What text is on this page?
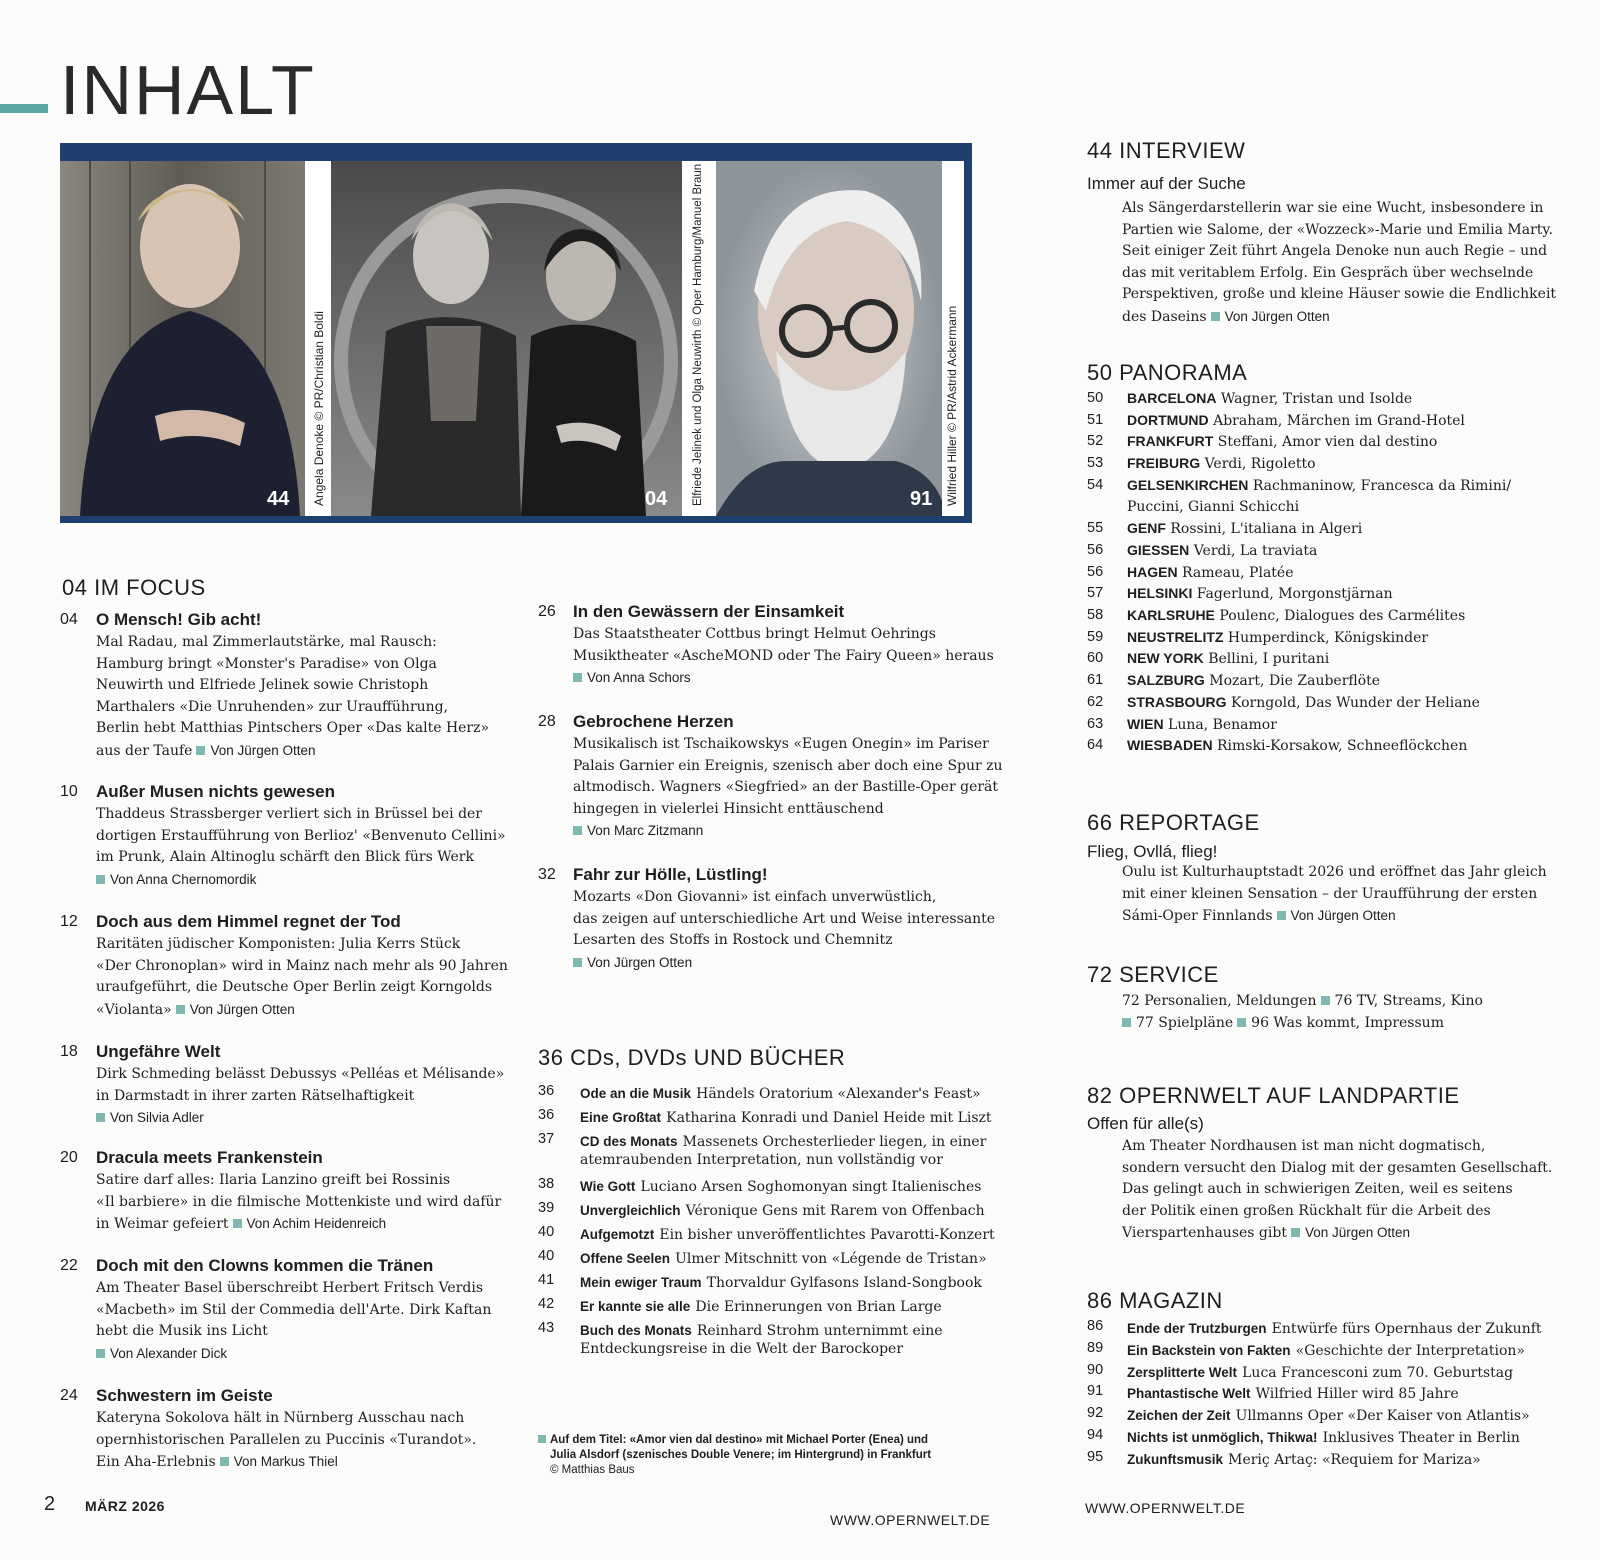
INHALT
Angela Denoke © PR/Christian Boldi
44	04 Elfriede Jelinek und Olga Neuwirth © Oper Hamburg/Manuel Braun	91 Wilfried Hiller © PR/Astrid Ackermann
04 IM FOCUS
04 O Mensch! Gib acht!
Mal Radau, mal Zimmerlautstärke, mal Rausch:
Hamburg bringt «Monster's Paradise» von Olga
Neuwirth und Elfriede Jelinek sowie Christoph
Marthalers «Die Unruhenden» zur Uraufführung,
Berlin hebt Matthias Pintschers Oper «Das kalte Herz»
aus der Taufe Von Jürgen Otten
10 Außer Musen nichts gewesen
Thaddeus Strassberger verliert sich in Brüssel bei der
dortigen Erstaufführung von Berlioz' «Benvenuto Cellini»
im Prunk, Alain Altinoglu schärft den Blick fürs Werk
Von Anna Chernomordik
12 Doch aus dem Himmel regnet der Tod
Raritäten jüdischer Komponisten: Julia Kerrs Stück
«Der Chronoplan» wird in Mainz nach mehr als 90 Jahren
uraufgeführt, die Deutsche Oper Berlin zeigt Korngolds
«Violanta» Von Jürgen Otten
18 Ungefähre Welt
Dirk Schmeding belässt Debussys «Pelléas et Mélisande»
in Darmstadt in ihrer zarten Rätselhaftigkeit
Von Silvia Adler
20 Dracula meets Frankenstein
Satire darf alles: Ilaria Lanzino greift bei Rossinis
«Il barbiere» in die filmische Mottenkiste und wird dafür
in Weimar gefeiert Von Achim Heidenreich
22 Doch mit den Clowns kommen die Tränen
Am Theater Basel überschreibt Herbert Fritsch Verdis
«Macbeth» im Stil der Commedia dell'Arte. Dirk Kaftan
hebt die Musik ins Licht
Von Alexander Dick
24 Schwestern im Geiste
Kateryna Sokolova hält in Nürnberg Ausschau nach
opernhistorischen Parallelen zu Puccinis «Turandot».
Ein Aha-Erlebnis Von Markus Thiel
26 In den Gewässern der Einsamkeit
Das Staatstheater Cottbus bringt Helmut Oehrings
Musiktheater «AscheMOND oder The Fairy Queen» heraus
Von Anna Schors
28 Gebrochene Herzen
Musikalisch ist Tschaikowskys «Eugen Onegin» im Pariser
Palais Garnier ein Ereignis, szenisch aber doch eine Spur zu
altmodisch. Wagners «Siegfried» an der Bastille-Oper gerät
hingegen in vielerlei Hinsicht enttäuschend
Von Marc Zitzmann
32 Fahr zur Hölle, Lüstling!
Mozarts «Don Giovanni» ist einfach unverwüstlich,
das zeigen auf unterschiedliche Art und Weise interessante
Lesarten des Stoffs in Rostock und Chemnitz
Von Jürgen Otten
36 CDs, DVDs UND BÜCHER
36 Ode an die Musik Händels Oratorium «Alexander's Feast»
36 Eine Großtat Katharina Konradi und Daniel Heide mit Liszt
37 CD des Monats Massenets Orchesterlieder liegen, in einer
atemraubenden Interpretation, nun vollständig vor
38 Wie Gott Luciano Arsen Soghomonyan singt Italienisches
39 Unvergleichlich Véronique Gens mit Rarem von Offenbach
40 Aufgemotzt Ein bisher unveröffentlichtes Pavarotti-Konzert
40 Offene Seelen Ulmer Mitschnitt von «Légende de Tristan»
41 Mein ewiger Traum Thorvaldur Gylfasons Island-Songbook
42 Er kannte sie alle Die Erinnerungen von Brian Large
43 Buch des Monats Reinhard Strohm unternimmt eine
Entdeckungsreise in die Welt der Barockoper
Auf dem Titel: «Amor vien dal destino» mit Michael Porter (Enea) und
Julia Alsdorf (szenisches Double Venere; im Hintergrund) in Frankfurt
© Matthias Baus
44 INTERVIEW
Immer auf der Suche
Als Sängerdarstellerin war sie eine Wucht, insbesondere in
Partien wie Salome, der «Wozzeck»-Marie und Emilia Marty.
Seit einiger Zeit führt Angela Denoke nun auch Regie – und
das mit veritablem Erfolg. Ein Gespräch über wechselnde
Perspektiven, große und kleine Häuser sowie die Endlichkeit
des Daseins Von Jürgen Otten
50 PANORAMA
50 BARCELONA Wagner, Tristan und Isolde
51 DORTMUND Abraham, Märchen im Grand-Hotel
52 FRANKFURT Steffani, Amor vien dal destino
53 FREIBURG Verdi, Rigoletto
54 GELSENKIRCHEN Rachmaninow, Francesca da Rimini/
Puccini, Gianni Schicchi
55 GENF Rossini, L'italiana in Algeri
56 GIESSEN Verdi, La traviata
56 HAGEN Rameau, Platée
57 HELSINKI Fagerlund, Morgonstjärnan
58 KARLSRUHE Poulenc, Dialogues des Carmélites
59 NEUSTRELITZ Humperdinck, Königskinder
60 NEW YORK Bellini, I puritani
61 SALZBURG Mozart, Die Zauberflöte
62 STRASBOURG Korngold, Das Wunder der Heliane
63 WIEN Luna, Benamor
64 WIESBADEN Rimski-Korsakow, Schneeflöckchen
66 REPORTAGE
Flieg, Ovllá, flieg!
Oulu ist Kulturhauptstadt 2026 und eröffnet das Jahr gleich
mit einer kleinen Sensation – der Uraufführung der ersten
Sámi-Oper Finnlands Von Jürgen Otten
72 SERVICE
72 Personalien, Meldungen 76 TV, Streams, Kino
77 Spielpläne 96 Was kommt, Impressum
82 OPERNWELT AUF LANDPARTIE
Offen für alle(s)
Am Theater Nordhausen ist man nicht dogmatisch,
sondern versucht den Dialog mit der gesamten Gesellschaft.
Das gelingt auch in schwierigen Zeiten, weil es seitens
der Politik einen großen Rückhalt für die Arbeit des
Vierspartenhauses gibt Von Jürgen Otten
86 MAGAZIN
86 Ende der Trutzburgen Entwürfe fürs Opernhaus der Zukunft
89 Ein Backstein von Fakten «Geschichte der Interpretation»
90 Zersplitterte Welt Luca Francesconi zum 70. Geburtstag
91 Phantastische Welt Wilfried Hiller wird 85 Jahre
92 Zeichen der Zeit Ullmanns Oper «Der Kaiser von Atlantis»
94 Nichts ist unmöglich, Thikwa! Inklusives Theater in Berlin
95 Zukunftsmusik Meriç Artaç: «Requiem for Mariza»
2 MÄRZ 2026
WWW.OPERNWELT.DE
WWW.OPERNWELT.DE
